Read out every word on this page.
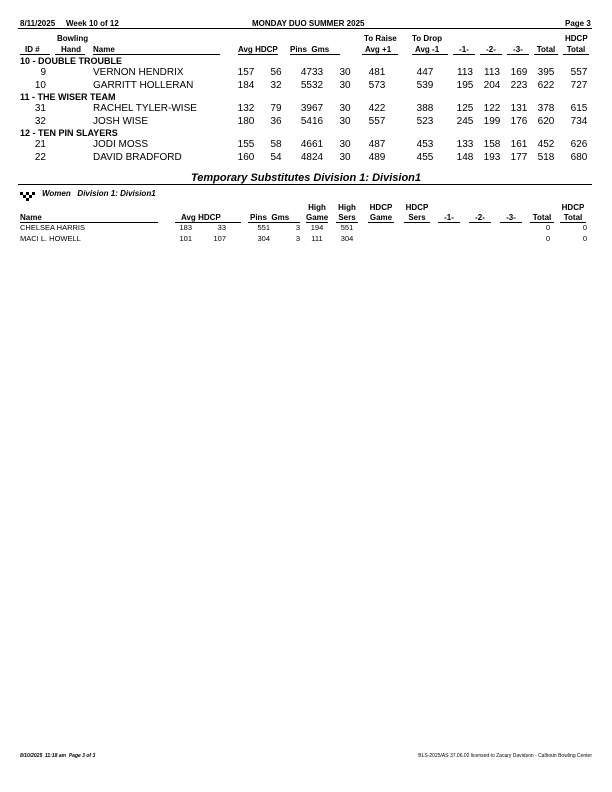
8/11/2025 Week 10 of 12	MONDAY DUO SUMMER 2025	Page 3
Bowling	To Raise To Drop	HDCP
ID #	Hand	Name	Avg HDCP Pins Gms	Avg +1	Avg -1	-1-	-2-	-3-	Total	Total
10 - DOUBLE TROUBLE
9	VERNON HENDRIX	157	56	4733	30	481	447 113 113 169 395	557
10	GARRITT HOLLERAN	184	32	5532	30	573	539 195 204 223 622	727
11 - THE WISER TEAM
31	RACHEL TYLER-WISE	132	79	3967	30	422	388 125 122 131 378	615
32	JOSH WISE	180	36	5416	30	557	523 245 199 176 620	734
12 - TEN PIN SLAYERS
21	JODI MOSS	155	58	4661	30	487	453 133 158 161 452	626
22	DAVID BRADFORD	160	54	4824	30	489	455 148 193 177 518	680
Temporary Substitutes Division 1: Division1
Women   Division 1: Division1
High High HDCP HDCP	HDCP
Name	Avg HDCP	Pins Gms	Game Sers Game	Sers	-1-	-2-	-3-	Total	Total
CHELSEA HARRIS	183	33	551	3	194	551	0	0
MACI L. HOWELL	101	107	304	3	111	304	0	0
8/10/2025  11:18 am  Page 3 of 3	BLS-2025/AS 37.06.02 licensed to Zacary Davidson - Calhoun Bowling Center
